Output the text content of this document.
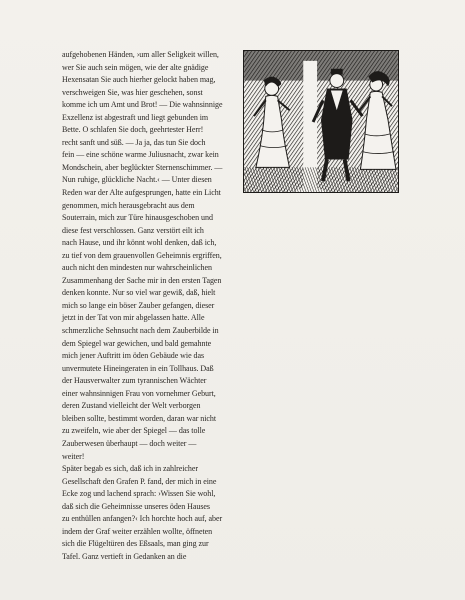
aufgehobenen Händen, ›um aller Seligkeit willen,
wer Sie auch sein mögen, wie der alte gnädige
Hexensatan Sie auch hierher gelockt haben mag,
verschweigen Sie, was hier geschehen, sonst
komme ich um Amt und Brot! — Die wahnsinnige
Exzellenz ist abgestraft und liegt gebunden im
Bette. O schlafen Sie doch, geehrtester Herr!
recht sanft und süß. — Ja ja, das tun Sie doch
fein — eine schöne warme Juliusnacht, zwar kein
Mondschein, aber beglückter Sternenschimmer. —
Nun ruhige, glückliche Nacht.‹ — Unter diesen
Reden war der Alte aufgesprungen, hatte ein Licht
genommen, mich herausgebracht aus dem
Souterrain, mich zur Türe hinausgeschoben und
diese fest verschlossen. Ganz verstört eilt ich
nach Hause, und ihr könnt wohl denken, daß ich,
zu tief von dem grauenvollen Geheimnis ergriffen,
auch nicht den mindesten nur wahrscheinlichen
Zusammenhang der Sache mir in den ersten Tagen
denken konnte. Nur so viel war gewiß, daß, hielt
mich so lange ein böser Zauber gefangen, dieser
jetzt in der Tat von mir abgelassen hatte. Alle
schmerzliche Sehnsucht nach dem Zauberbilde in
dem Spiegel war gewichen, und bald gemahnte
mich jener Auftritt im öden Gebäude wie das
unvermutete Hineingeraten in ein Tollhaus. Daß
der Hausverwalter zum tyrannischen Wächter
einer wahnsinnigen Frau von vornehmer Geburt,
deren Zustand vielleicht der Welt verborgen
bleiben sollte, bestimmt worden, daran war nicht
zu zweifeln, wie aber der Spiegel — das tolle
Zauberwesen überhaupt — doch weiter —
weiter!
Später begab es sich, daß ich in zahlreicher
Gesellschaft den Grafen P. fand, der mich in eine
Ecke zog und lachend sprach: ›Wissen Sie wohl,
daß sich die Geheimnisse unseres öden Hauses
zu enthüllen anfangen?‹ Ich horchte hoch auf, aber
indem der Graf weiter erzählen wollte, öffneten
sich die Flügeltüren des Eßsaals, man ging zur
Tafel. Ganz vertieft in Gedanken an die
